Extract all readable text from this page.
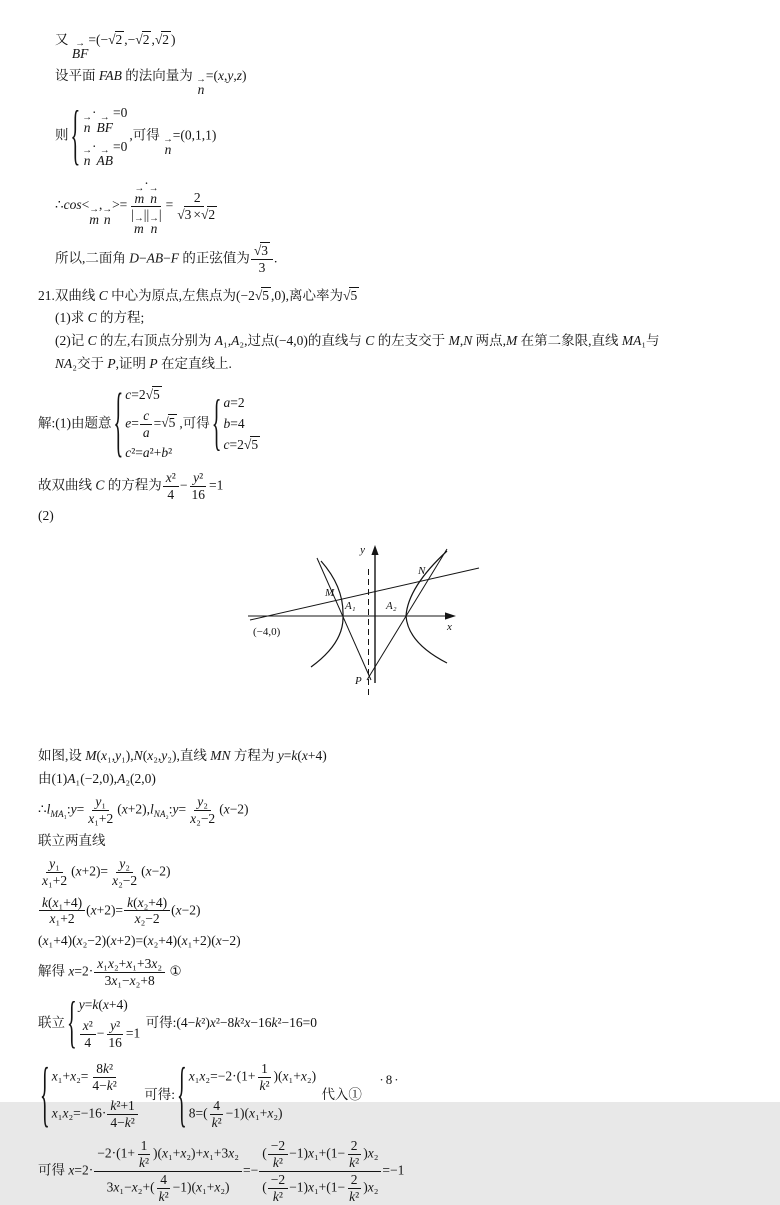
又 →
BF
=(−√2 ,−√2 ,√2 )
设平面 FAB 的法向量为 →
n
=(x,y,z)
则 { →
n
· →
BF
=0
→
n
· →
AB
=0
,可得 →
n
=(0,1,1)
∴cos< →
m
, →
n
>= →
m
· →
n
| →
m
|| →
n
| = $\frac{2}{√3 \times√2}$
所以,二面角 D−AB−F 的正弦值为 $\frac{√3}{3}$ .
21.双曲线 C 中心为原点,左焦点为(−2√5 ,0),离心率为√5
(1)求 C 的方程;
(2)记 C 的左,右顶点分别为 A₁,A₂,过点(−4,0)的直线与 C 的左支交于 M,N 两点,M 在第二象限,直线 MA₁与
NA₂交于 P,证明 P 在定直线上.
解:(1)由题意 { c=2√5
$e= \frac{c}{a} =√5$
c²=a²+b²
,可得 { a=2
b=4
c=2√5
故双曲线 C 的方程为 $\frac{\text{x²}}{4} - \frac{\text{y²}}{16} =1$
(2)
y
x
M
N
A₁	A₂
P
(−4,0)
如图,设 M(x₁,y₁),N(x₂,y₂),直线 MN 方程为 y=k(x+4)
由(1)A₁(−2,0),A₂(2,0)
$\therefore l_{MA_1}:y= \frac{\text{y₁}}{\text{x₁+2}}$ $(x+2),l_{NA_2}:y= \frac{\text{y₂}}{\text{x₂−2}} (x-2)$
联立两直线
$\frac{\text{y₁}}{\text{x₁+2}} (x+2)= \frac{\text{y₂}}{\text{x₂−2}} (x-2)$
$\frac{\text{k(x₁+4)}}{\text{x₁+2}} (x+2)= \frac{\text{k(x₂+4)}}{\text{x₂−2}} (x-2)$
(x₁+4)(x₂−2)(x+2)=(x₂+4)(x₁+2)(x−2)
解得 $x=2\cdot \frac{\text{x₁x₂+x₁+3x₂}}{\text{3x₁−x₂+8}}$ ①
联立 { y=k(x+4)
$\frac{\text{x²}}{4} - \frac{\text{y²}}{16} =1$
可得:(4−k²)x²−8k²x−16k²−16=0
{ $x_1+x_2= \frac{\text{8k²}}{\text{4−k²}}$
$x_1x_2=-16\cdot \frac{\text{k²+1}}{\text{4−k²}}$
可得: { $x_1x_2=-2\cdot(1+ \frac{1}{\text{k²}} )(x_1+x_2)$
$8=( \frac{4}{\text{k²}} -1)(x_1+x_2)$
代入①
可得 $x=2\cdot \frac{-2\cdot(1+ \frac{1}{\text{k²}} )(x_1+x_2)+x_1+3x_2}{3x_1-x_2+( \frac{4}{\text{k²}} -1)(x_1+x_2)} =- \frac{( \frac{-2}{\text{k²}} -1)x_1+(1- \frac{2}{\text{k²}} )x_2}{( \frac{-2}{\text{k²}} -1)x_1+(1- \frac{2}{\text{k²}} )x_2} =-1$
·8·
